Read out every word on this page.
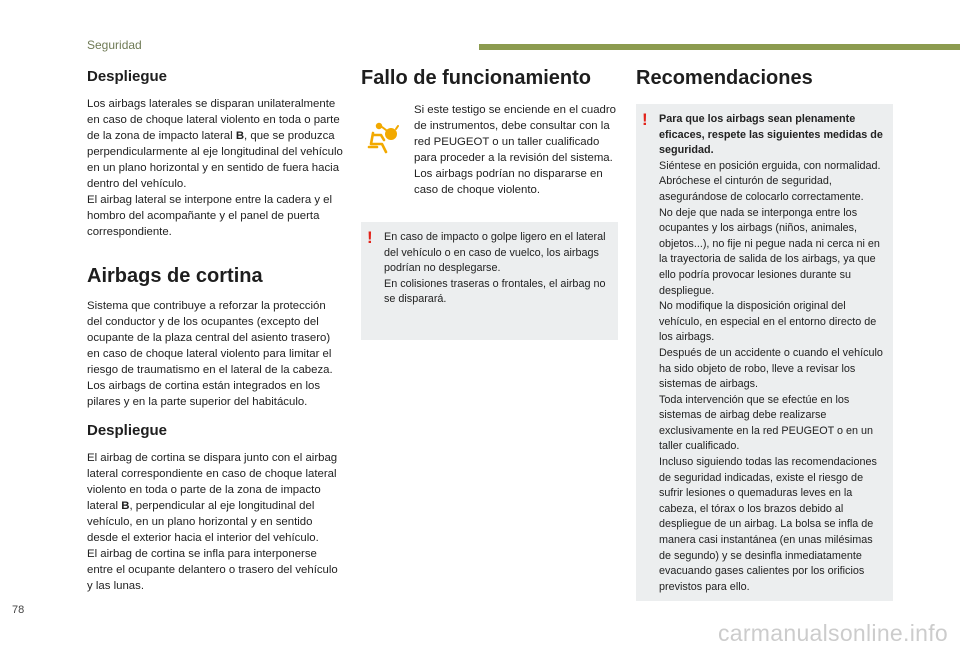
Seguridad
Despliegue

Los airbags laterales se disparan unilateralmente en caso de choque lateral violento en toda o parte de la zona de impacto lateral B, que se produzca perpendicularmente al eje longitudinal del vehículo en un plano horizontal y en sentido de fuera hacia dentro del vehículo.

El airbag lateral se interpone entre la cadera y el hombro del acompañante y el panel de puerta correspondiente.

Airbags de cortina

Sistema que contribuye a reforzar la protección del conductor y de los ocupantes (excepto del ocupante de la plaza central del asiento trasero) en caso de choque lateral violento para limitar el riesgo de traumatismo en el lateral de la cabeza.

Los airbags de cortina están integrados en los pilares y en la parte superior del habitáculo.

Despliegue

El airbag de cortina se dispara junto con el airbag lateral correspondiente en caso de choque lateral violento en toda o parte de la zona de impacto lateral B, perpendicular al eje longitudinal del vehículo, en un plano horizontal y en sentido desde el exterior hacia el interior del vehículo.

El airbag de cortina se infla para interponerse entre el ocupante delantero o trasero del vehículo y las lunas.

Fallo de funcionamiento

Si este testigo se enciende en el cuadro de instrumentos, debe consultar con la red PEUGEOT o un taller cualificado para proceder a la revisión del sistema. Los airbags podrían no dispararse en caso de choque violento.

! En caso de impacto o golpe ligero en el lateral del vehículo o en caso de vuelco, los airbags podrían no desplegarse.

En colisiones traseras o frontales, el airbag no se disparará.

Recomendaciones
! Para que los airbags sean plenamente eficaces, respete las siguientes medidas de seguridad.

Siéntese en posición erguida, con normalidad.

Abróchese el cinturón de seguridad, asegurándose de colocarlo correctamente.

No deje que nada se interponga entre los ocupantes y los airbags (niños, animales, objetos...), no fije ni pegue nada ni cerca ni en la trayectoria de salida de los airbags, ya que ello podría provocar lesiones durante su despliegue.

No modifique la disposición original del vehículo, en especial en el entorno directo de los airbags.

Después de un accidente o cuando el vehículo ha sido objeto de robo, lleve a revisar los sistemas de airbags.

Toda intervención que se efectúe en los sistemas de airbag debe realizarse exclusivamente en la red PEUGEOT o en un taller cualificado.

Incluso siguiendo todas las recomendaciones de seguridad indicadas, existe el riesgo de sufrir lesiones o quemaduras leves en la cabeza, el tórax o los brazos debido al despliegue de un airbag. La bolsa se infla de manera casi instantánea (en unas milésimas de segundo) y se desinfla inmediatamente evacuando gases calientes por los orificios previstos para ello.

78
carmanualsonline.info
